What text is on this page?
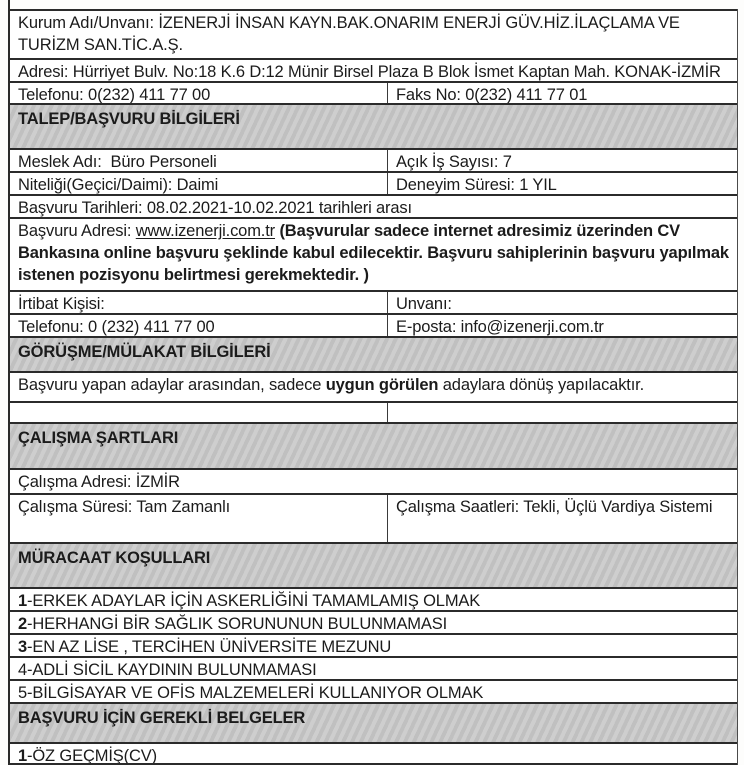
Kurum Adı/Unvanı: İZENERJİ İNSAN KAYN.BAK.ONARIM ENERJİ GÜV.HİZ.İLAÇLAMA VE TURİZM SAN.TİC.A.Ş.
Adresi: Hürriyet Bulv. No:18 K.6 D:12 Münir Birsel Plaza B Blok İsmet Kaptan Mah. KONAK-İZMİR
Telefonu: 0(232) 411 77 00	Faks No: 0(232) 411 77 01
TALEP/BAŞVURU BİLGİLERİ
Meslek Adı:  Büro Personeli	Açık İş Sayısı: 7
Niteliği(Geçici/Daimi): Daimi	Deneyim Süresi: 1 YIL
Başvuru Tarihleri: 08.02.2021-10.02.2021 tarihleri arası
Başvuru Adresi: www.izenerji.com.tr (Başvurular sadece internet adresimiz üzerinden CV Bankasına online başvuru şeklinde kabul edilecektir. Başvuru sahiplerinin başvuru yapılmak istenen pozisyonu belirtmesi gerekmektedir. )
İrtibat Kişisi:	Unvanı:
Telefonu: 0 (232) 411 77 00	E-posta: info@izenerji.com.tr
GÖRÜŞME/MÜLAKAT BİLGİLERİ
Başvuru yapan adaylar arasından, sadece uygun görülen adaylara dönüş yapılacaktır.
ÇALIŞMA ŞARTLARI
Çalışma Adresi: İZMİR
Çalışma Süresi: Tam Zamanlı	Çalışma Saatleri: Tekli, Üçlü Vardiya Sistemi
MÜRACAAT KOŞULLARI
1-ERKEK ADAYLAR İÇİN ASKERLİĞİNİ TAMAMLAMIŞ OLMAK
2-HERHANGİ BİR SAĞLIK SORUNUNUN BULUNMAMASI
3-EN AZ LİSE , TERCİHEN ÜNİVERSİTE MEZUNU
4-ADLİ SİCİL KAYDININ BULUNMAMASI
5-BİLGİSAYAR VE OFİS MALZEMELERİ KULLANIYOR OLMAK
BAŞVURU İÇİN GEREKLİ BELGELER
1-ÖZ GEÇMİŞ(CV)
